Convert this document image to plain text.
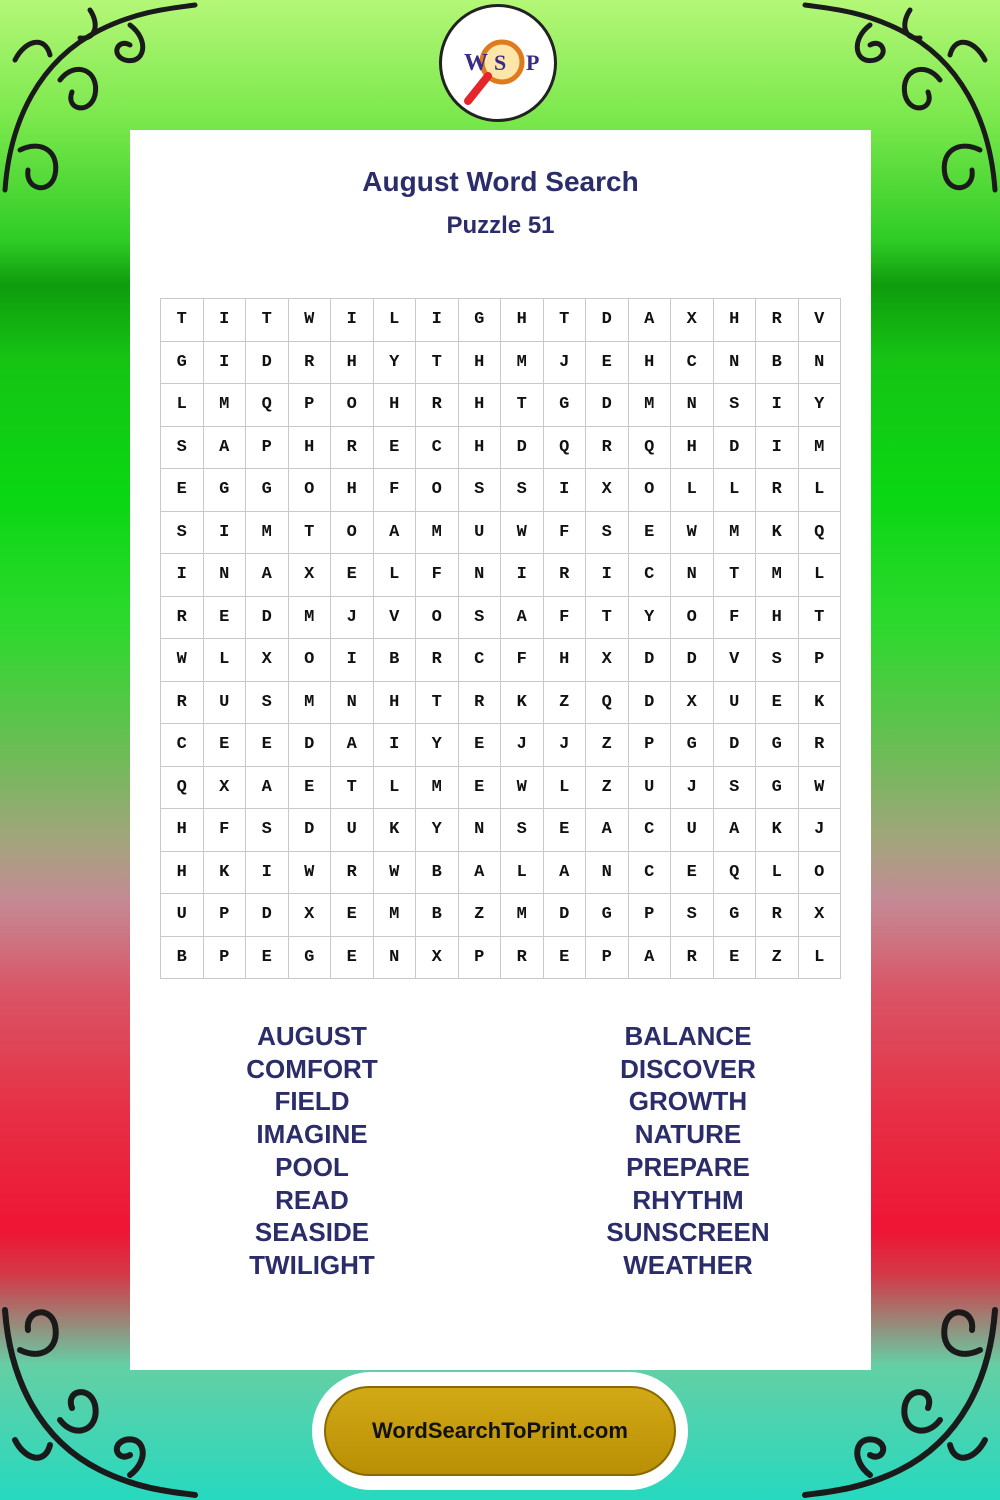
W S P
August Word Search
Puzzle 51
T	I	T	W	I	L	I	G	H	T	D	A	X	H	R	V
G	I	D	R	H	Y	T	H	M	J	E	H	C	N	B	N
L	M	Q	P	O	H	R	H	T	G	D	M	N	S	I	Y
S	A	P	H	R	E	C	H	D	Q	R	Q	H	D	I	M
E	G	G	O	H	F	O	S	S	I	X	O	L	L	R	L
S	I	M	T	O	A	M	U	W	F	S	E	W	M	K	Q
I	N	A	X	E	L	F	N	I	R	I	C	N	T	M	L
R	E	D	M	J	V	O	S	A	F	T	Y	O	F	H	T
W	L	X	O	I	B	R	C	F	H	X	D	D	V	S	P
R	U	S	M	N	H	T	R	K	Z	Q	D	X	U	E	K
C	E	E	D	A	I	Y	E	J	J	Z	P	G	D	G	R
Q	X	A	E	T	L	M	E	W	L	Z	U	J	S	G	W
H	F	S	D	U	K	Y	N	S	E	A	C	U	A	K	J
H	K	I	W	R	W	B	A	L	A	N	C	E	Q	L	O
U	P	D	X	E	M	B	Z	M	D	G	P	S	G	R	X
B	P	E	G	E	N	X	P	R	E	P	A	R	E	Z	L
AUGUST
COMFORT
FIELD
IMAGINE
POOL
READ
SEASIDE
TWILIGHT
BALANCE
DISCOVER
GROWTH
NATURE
PREPARE
RHYTHM
SUNSCREEN
WEATHER
WordSearchToPrint.com
